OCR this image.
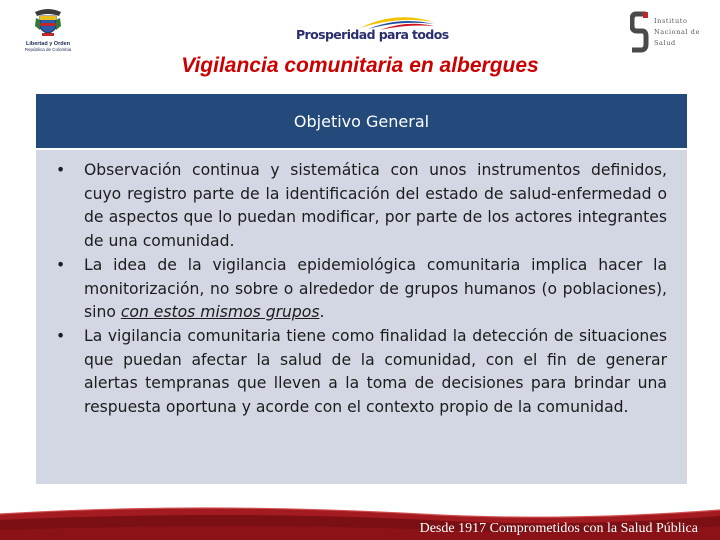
Libertad y Orden
República de Colombia
Prosperidad para todos
Instituto
Nacional de
Salud
Vigilancia comunitaria en albergues
Objetivo General
• Observación continua y sistemática con unos instrumentos definidos, cuyo registro parte de la identificación del estado de salud-enfermedad o de aspectos que lo puedan modificar, por parte de los actores integrantes de una comunidad.
• La idea de la vigilancia epidemiológica comunitaria implica hacer la monitorización, no sobre o alrededor de grupos humanos (o poblaciones), sino con estos mismos grupos.
• La vigilancia comunitaria tiene como finalidad la detección de situaciones que puedan afectar la salud de la comunidad, con el fin de generar alertas tempranas que lleven a la toma de decisiones para brindar una respuesta oportuna y acorde con el contexto propio de la comunidad.
Desde 1917 Comprometidos con la Salud Pública
